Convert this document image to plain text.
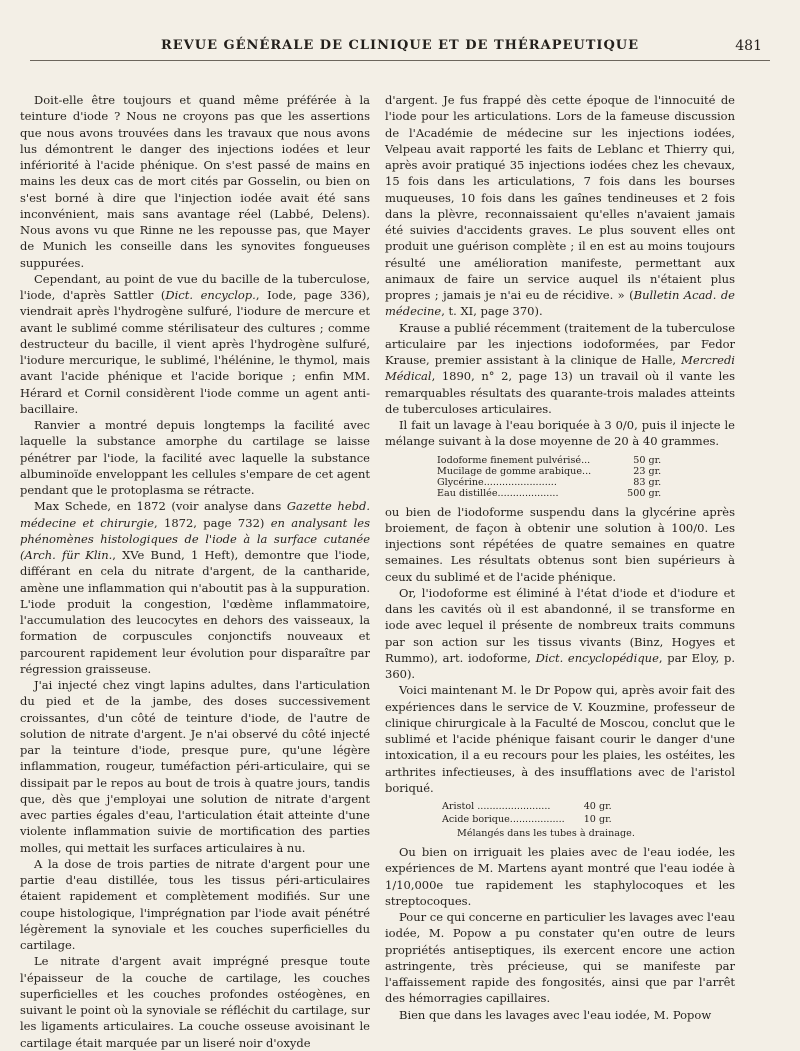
REVUE GÉNÉRALE DE CLINIQUE ET DE THÉRAPEUTIQUE	481

Doit-elle être toujours et quand même préférée à la teinture d'iode ? Nous ne croyons pas que les assertions que nous avons trouvées dans les travaux que nous avons lus démontrent le danger des injections iodées et leur infériorité à l'acide phénique. On s'est passé de mains en mains les deux cas de mort cités par Gosselin, ou bien on s'est borné à dire que l'injection iodée avait été sans inconvénient, mais sans avantage réel (Labbé, Delens). Nous avons vu que Rinne ne les repousse pas, que Mayer de Munich les conseille dans les synovites fongueuses suppurées.

Cependant, au point de vue du bacille de la tuberculose, l'iode, d'après Sattler (Dict. encyclop., Iode, page 336), viendrait après l'hydrogène sulfuré, l'iodure de mercure et avant le sublimé comme stérilisateur des cultures ; comme destructeur du bacille, il vient après l'hydrogène sulfuré, l'iodure mercurique, le sublimé, l'hélénine, le thymol, mais avant l'acide phénique et l'acide borique ; enfin MM. Hérard et Cornil considèrent l'iode comme un agent anti-bacillaire.

Ranvier a montré depuis longtemps la facilité avec laquelle la substance amorphe du cartilage se laisse pénétrer par l'iode, la facilité avec laquelle la substance albuminoïde enveloppant les cellules s'empare de cet agent pendant que le protoplasma se rétracte.

Max Schede, en 1872 (voir analyse dans Gazette hebd. médecine et chirurgie, 1872, page 732) en analysant les phénomènes histologiques de l'iode à la surface cutanée (Arch. für Klin., XVe Bund, 1 Heft), demontre que l'iode, différant en cela du nitrate d'argent, de la cantharide, amène une inflammation qui n'aboutit pas à la suppuration. L'iode produit la congestion, l'œdème inflammatoire, l'accumulation des leucocytes en dehors des vaisseaux, la formation de corpuscules conjonctifs nouveaux et parcourent rapidement leur évolution pour disparaître par régression graisseuse.

J'ai injecté chez vingt lapins adultes, dans l'articulation du pied et de la jambe, des doses successivement croissantes, d'un côté de teinture d'iode, de l'autre de solution de nitrate d'argent. Je n'ai observé du côté injecté par la teinture d'iode, presque pure, qu'une légère inflammation, rougeur, tuméfaction péri-articulaire, qui se dissipait par le repos au bout de trois à quatre jours, tandis que, dès que j'employai une solution de nitrate d'argent avec parties égales d'eau, l'articulation était atteinte d'une violente inflammation suivie de mortification des parties molles, qui mettait les surfaces articulaires à nu.

A la dose de trois parties de nitrate d'argent pour une partie d'eau distillée, tous les tissus péri-articulaires étaient rapidement et complètement modifiés. Sur une coupe histologique, l'imprégnation par l'iode avait pénétré légèrement la synoviale et les couches superficielles du cartilage.

Le nitrate d'argent avait imprégné presque toute l'épaisseur de la couche de cartilage, les couches superficielles et les couches profondes ostéogènes, en suivant le point où la synoviale se réfléchit du cartilage, sur les ligaments articulaires. La couche osseuse avoisinant le cartilage était marquée par un liseré noir d'oxyde

d'argent. Je fus frappé dès cette époque de l'innocuité de l'iode pour les articulations. Lors de la fameuse discussion de l'Académie de médecine sur les injections iodées, Velpeau avait rapporté les faits de Leblanc et Thierry qui, après avoir pratiqué 35 injections iodées chez les chevaux, 15 fois dans les articulations, 7 fois dans les bourses muqueuses, 10 fois dans les gaînes tendineuses et 2 fois dans la plèvre, reconnaissaient qu'elles n'avaient jamais été suivies d'accidents graves. Le plus souvent elles ont produit une guérison complète ; il en est au moins toujours résulté une amélioration manifeste, permettant aux animaux de faire un service auquel ils n'étaient plus propres ; jamais je n'ai eu de récidive. » (Bulletin Acad. de médecine, t. XI, page 370).

Krause a publié récemment (traitement de la tuberculose articulaire par les injections iodoformées, par Fedor Krause, premier assistant à la clinique de Halle, Mercredi Médical, 1890, n° 2, page 13) un travail où il vante les remarquables résultats des quarante-trois malades atteints de tuberculoses articulaires.

Il fait un lavage à l'eau boriquée à 3 0/0, puis il injecte le mélange suivant à la dose moyenne de 20 à 40 grammes.

Iodoforme finement pulvérisé...	50 gr.
Mucilage de gomme arabique...	23 gr.
Glycérine........................	83 gr.
Eau distillée....................	500 gr.

ou bien de l'iodoforme suspendu dans la glycérine après broiement, de façon à obtenir une solution à 100/0. Les injections sont répétées de quatre semaines en quatre semaines. Les résultats obtenus sont bien supérieurs à ceux du sublimé et de l'acide phénique.

Or, l'iodoforme est éliminé à l'état d'iode et d'iodure et dans les cavités où il est abandonné, il se transforme en iode avec lequel il présente de nombreux traits communs par son action sur les tissus vivants (Binz, Hogyes et Rummo), art. iodoforme, Dict. encyclopédique, par Eloy, p. 360).

Voici maintenant M. le Dr Popow qui, après avoir fait des expériences dans le service de V. Kouzmine, professeur de clinique chirurgicale à la Faculté de Moscou, conclut que le sublimé et l'acide phénique faisant courir le danger d'une intoxication, il a eu recours pour les plaies, les ostéites, les arthrites infectieuses, à des insufflations avec de l'aristol boriqué.

Aristol ........................	40 gr.
Acide borique..................	10 gr.
Mélangés dans les tubes à drainage.

Ou bien on irriguait les plaies avec de l'eau iodée, les expériences de M. Martens ayant montré que l'eau iodée à 1/10,000e tue rapidement les staphylocoques et les streptocoques.

Pour ce qui concerne en particulier les lavages avec l'eau iodée, M. Popow a pu constater qu'en outre de leurs propriétés antiseptiques, ils exercent encore une action astringente, très précieuse, qui se manifeste par l'affaissement rapide des fongosités, ainsi que par l'arrêt des hémorragies capillaires.

Bien que dans les lavages avec l'eau iodée, M. Popow
